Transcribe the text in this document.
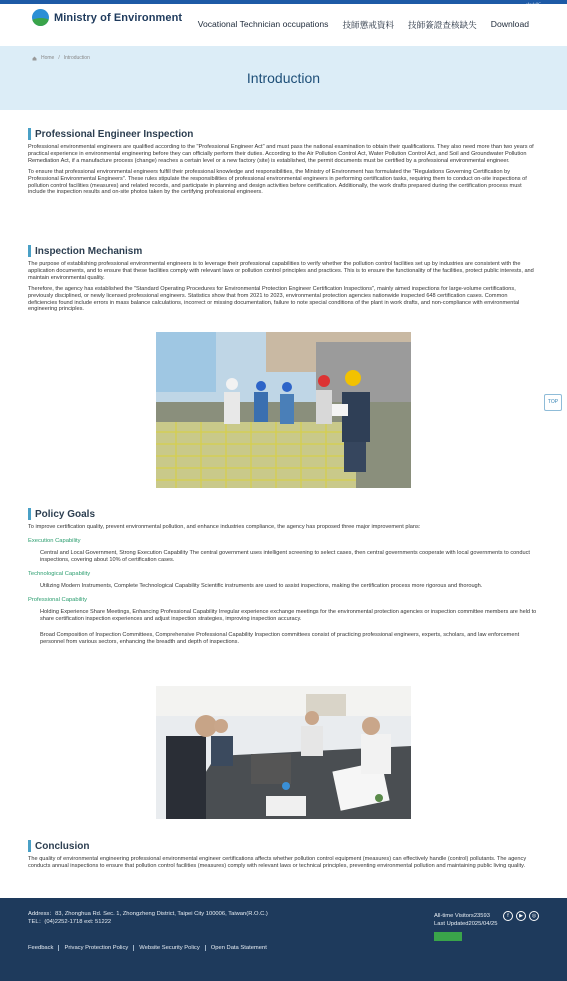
Ministry of Environment
Vocational Technician occupations 技師懲戒資料 技師簽證查核缺失 Download
Home / Introduction
Introduction
Professional Engineer Inspection

Professional environmental engineers are qualified according to the "Professional Engineer Act" and must pass the national examination to obtain their qualifications. They also need more than two years of practical experience in environmental engineering before they can officially perform their duties. According to the Air Pollution Control Act, Water Pollution Control Act, and Soil and Groundwater Pollution Remediation Act, if a manufacture process (change) reaches a certain level or a new factory (site) is established, the permit documents must be certified by a professional environmental engineer.

To ensure that professional environmental engineers fulfill their professional knowledge and responsibilities, the Ministry of Environment has formulated the "Regulations Governing Certification by Professional Environmental Engineers". These rules stipulate the responsibilities of professional environmental engineers in performing certification tasks, requiring them to conduct on-site inspections of pollution control facilities (measures) and related records, and participate in planning and design activities before certification. Additionally, the work drafts prepared during the certification process must include the inspection results and on-site photos taken by the certifying professional engineers.

Inspection Mechanism

The purpose of establishing professional environmental engineers is to leverage their professional capabilities to verify whether the pollution control facilities set up by industries are consistent with the application documents, and to ensure that these facilities comply with relevant laws or pollution control principles and practices. This is to ensure the functionality of the facilities, protect public interests, and maintain environmental quality.

Therefore, the agency has established the "Standard Operating Procedures for Environmental Protection Engineer Certification Inspections", mainly aimed inspections for large-volume certifications, previously disciplined, or newly licensed professional engineers. Statistics show that from 2021 to 2023, environmental protection agencies nationwide inspected 648 certification cases. Common deficiencies found include errors in mass balance calculations, incorrect or missing documentation, failure to note special conditions of the plant in work drafts, and non-compliance with environmental engineering principles.

Policy Goals

To improve certification quality, prevent environmental pollution, and enhance industries compliance, the agency has proposed three major improvement plans:

Execution Capability

Central and Local Government, Strong Execution Capability The central government uses intelligent screening to select cases, then central governments cooperate with local governments to conduct inspections, covering about 10% of certification cases.

Technological Capability

Utilizing Modern Instruments, Complete Technological Capability Scientific instruments are used to assist inspections, making the certification process more rigorous and thorough.

Professional Capability

Holding Experience Share Meetings, Enhancing Professional Capability Irregular experience exchange meetings for the environmental protection agencies or inspection committee members are held to share certification inspection experiences and adjust inspection strategies, improving inspection accuracy.

Broad Composition of Inspection Committees, Comprehensive Professional Capability Inspection committees consist of practicing professional engineers, experts, scholars, and law enforcement personnel from various sectors, enhancing the breadth and depth of inspections.

Conclusion

The quality of environmental engineering professional environmental engineer certifications affects whether pollution control equipment (measures) can effectively handle (control) pollutants. The agency conducts annual inspections to ensure that pollution control facilities (measures) comply with relevant laws or technical principles, preventing environmental pollution and maintaining public living quality.

TOP
Address：83, Zhonghua Rd. Sec. 1, Zhongzheng District, Taipei City 100006, Taiwan(R.O.C.)
TEL：(04)2252-1718 ext: 51222
All-time Visitors23593
Last Updated2025/04/25
f	▶	◎
Feedback	Privacy Protection Policy	Website Security Policy	Open Data Statement
